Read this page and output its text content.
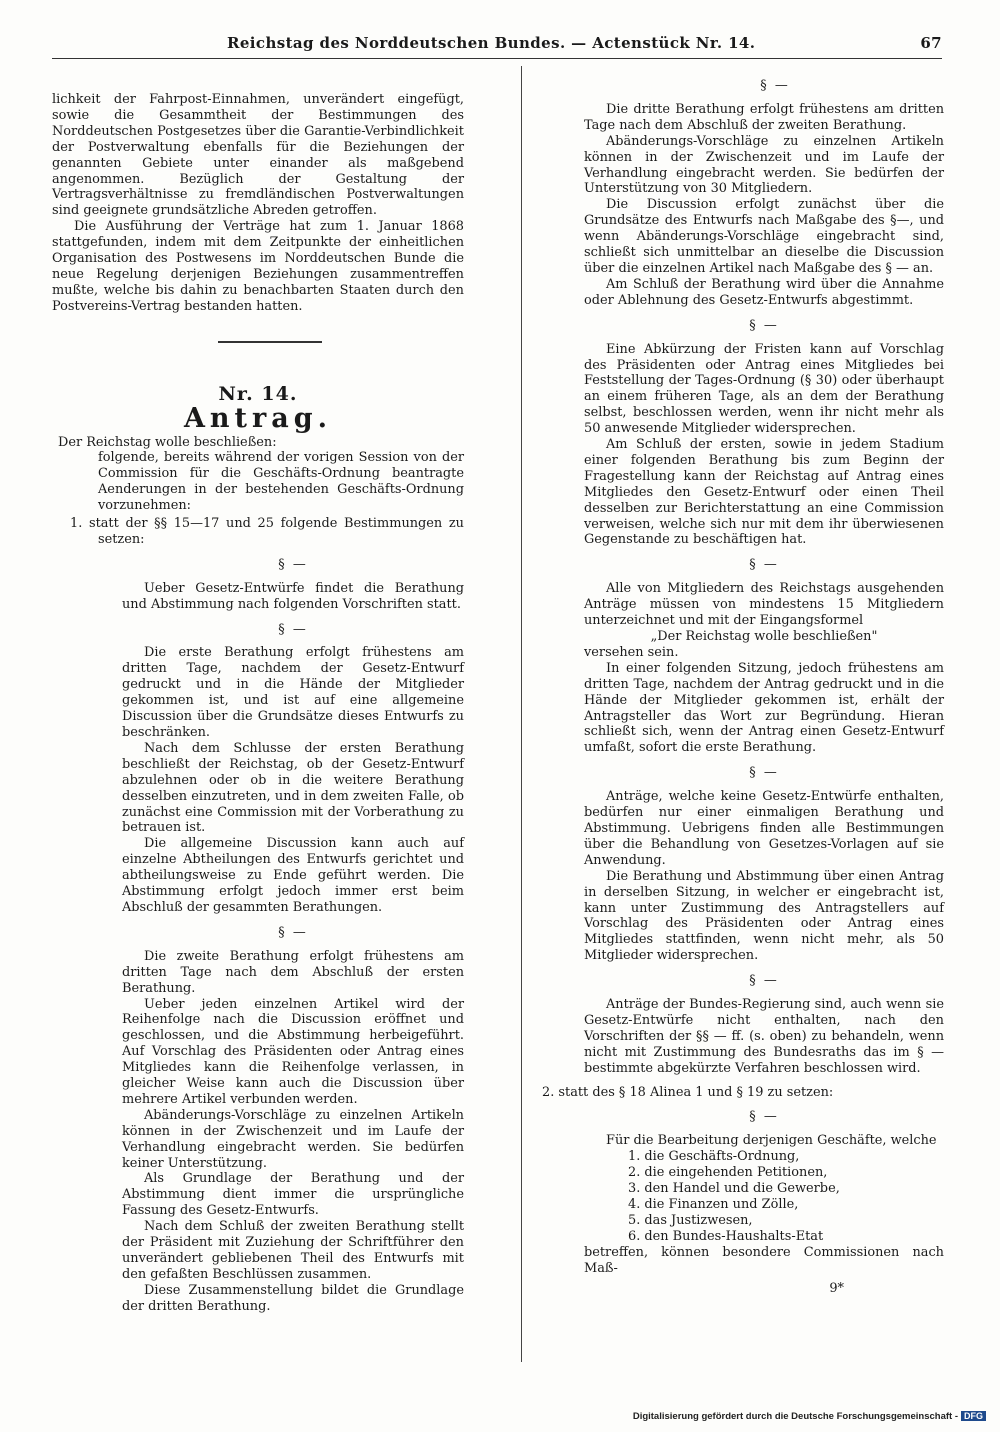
Reichstag des Norddeutschen Bundes. — Actenstück Nr. 14.	67

lichkeit der Fahrpost-Einnahmen, unverändert eingefügt, sowie die Gesammtheit der Bestimmungen des Norddeutschen Postgesetzes über die Garantie-Verbindlichkeit der Postverwaltung ebenfalls für die Beziehungen der genannten Gebiete unter einander als maßgebend angenommen. Bezüglich der Gestaltung der Vertragsverhältnisse zu fremdländischen Postverwaltungen sind geeignete grundsätzliche Abreden getroffen.

Die Ausführung der Verträge hat zum 1. Januar 1868 stattgefunden, indem mit dem Zeitpunkte der einheitlichen Organisation des Postwesens im Norddeutschen Bunde die neue Regelung derjenigen Beziehungen zusammentreffen mußte, welche bis dahin zu benachbarten Staaten durch den Postvereins-Vertrag bestanden hatten.

Nr. 14.
Antrag.

Der Reichstag wolle beschließen:

folgende, bereits während der vorigen Session von der Commission für die Geschäfts-Ordnung beantragte Aenderungen in der bestehenden Geschäfts-Ordnung vorzunehmen:

1. statt der §§ 15—17 und 25 folgende Bestimmungen zu setzen:

§ —

Ueber Gesetz-Entwürfe findet die Berathung und Abstimmung nach folgenden Vorschriften statt.

§ —

Die erste Berathung erfolgt frühestens am dritten Tage, nachdem der Gesetz-Entwurf gedruckt und in die Hände der Mitglieder gekommen ist, und ist auf eine allgemeine Discussion über die Grundsätze dieses Entwurfs zu beschränken.

Nach dem Schlusse der ersten Berathung beschließt der Reichstag, ob der Gesetz-Entwurf abzulehnen oder ob in die weitere Berathung desselben einzutreten, und in dem zweiten Falle, ob zunächst eine Commission mit der Vorberathung zu betrauen ist.

Die allgemeine Discussion kann auch auf einzelne Abtheilungen des Entwurfs gerichtet und abtheilungsweise zu Ende geführt werden. Die Abstimmung erfolgt jedoch immer erst beim Abschluß der gesammten Berathungen.

§ —

Die zweite Berathung erfolgt frühestens am dritten Tage nach dem Abschluß der ersten Berathung.

Ueber jeden einzelnen Artikel wird der Reihenfolge nach die Discussion eröffnet und geschlossen, und die Abstimmung herbeigeführt. Auf Vorschlag des Präsidenten oder Antrag eines Mitgliedes kann die Reihenfolge verlassen, in gleicher Weise kann auch die Discussion über mehrere Artikel verbunden werden.

Abänderungs-Vorschläge zu einzelnen Artikeln können in der Zwischenzeit und im Laufe der Verhandlung eingebracht werden. Sie bedürfen keiner Unterstützung.

Als Grundlage der Berathung und der Abstimmung dient immer die ursprüngliche Fassung des Gesetz-Entwurfs.

Nach dem Schluß der zweiten Berathung stellt der Präsident mit Zuziehung der Schriftführer den unverändert gebliebenen Theil des Entwurfs mit den gefaßten Beschlüssen zusammen.

Diese Zusammenstellung bildet die Grundlage der dritten Berathung.

§ —

Die dritte Berathung erfolgt frühestens am dritten Tage nach dem Abschluß der zweiten Berathung.

Abänderungs-Vorschläge zu einzelnen Artikeln können in der Zwischenzeit und im Laufe der Verhandlung eingebracht werden. Sie bedürfen der Unterstützung von 30 Mitgliedern.

Die Discussion erfolgt zunächst über die Grundsätze des Entwurfs nach Maßgabe des §—, und wenn Abänderungs-Vorschläge eingebracht sind, schließt sich unmittelbar an dieselbe die Discussion über die einzelnen Artikel nach Maßgabe des § — an.

Am Schluß der Berathung wird über die Annahme oder Ablehnung des Gesetz-Entwurfs abgestimmt.

§ —

Eine Abkürzung der Fristen kann auf Vorschlag des Präsidenten oder Antrag eines Mitgliedes bei Feststellung der Tages-Ordnung (§ 30) oder überhaupt an einem früheren Tage, als an dem der Berathung selbst, beschlossen werden, wenn ihr nicht mehr als 50 anwesende Mitglieder widersprechen.

Am Schluß der ersten, sowie in jedem Stadium einer folgenden Berathung bis zum Beginn der Fragestellung kann der Reichstag auf Antrag eines Mitgliedes den Gesetz-Entwurf oder einen Theil desselben zur Berichterstattung an eine Commission verweisen, welche sich nur mit dem ihr überwiesenen Gegenstande zu beschäftigen hat.

§ —

Alle von Mitgliedern des Reichstags ausgehenden Anträge müssen von mindestens 15 Mitgliedern unterzeichnet und mit der Eingangsformel

„Der Reichstag wolle beschließen"

versehen sein.

In einer folgenden Sitzung, jedoch frühestens am dritten Tage, nachdem der Antrag gedruckt und in die Hände der Mitglieder gekommen ist, erhält der Antragsteller das Wort zur Begründung. Hieran schließt sich, wenn der Antrag einen Gesetz-Entwurf umfaßt, sofort die erste Berathung.

§ —

Anträge, welche keine Gesetz-Entwürfe enthalten, bedürfen nur einer einmaligen Berathung und Abstimmung. Uebrigens finden alle Bestimmungen über die Behandlung von Gesetzes-Vorlagen auf sie Anwendung.

Die Berathung und Abstimmung über einen Antrag in derselben Sitzung, in welcher er eingebracht ist, kann unter Zustimmung des Antragstellers auf Vorschlag des Präsidenten oder Antrag eines Mitgliedes stattfinden, wenn nicht mehr, als 50 Mitglieder widersprechen.

§ —

Anträge der Bundes-Regierung sind, auch wenn sie Gesetz-Entwürfe nicht enthalten, nach den Vorschriften der §§ — ff. (s. oben) zu behandeln, wenn nicht mit Zustimmung des Bundesraths das im § — bestimmte abgekürzte Verfahren beschlossen wird.

2. statt des § 18 Alinea 1 und § 19 zu setzen:

§ —

Für die Bearbeitung derjenigen Geschäfte, welche

1. die Geschäfts-Ordnung,
2. die eingehenden Petitionen,
3. den Handel und die Gewerbe,
4. die Finanzen und Zölle,
5. das Justizwesen,
6. den Bundes-Haushalts-Etat

betreffen, können besondere Commissionen nach Maß-

9*

Digitalisierung gefördert durch die Deutsche Forschungsgemeinschaft - DFG
